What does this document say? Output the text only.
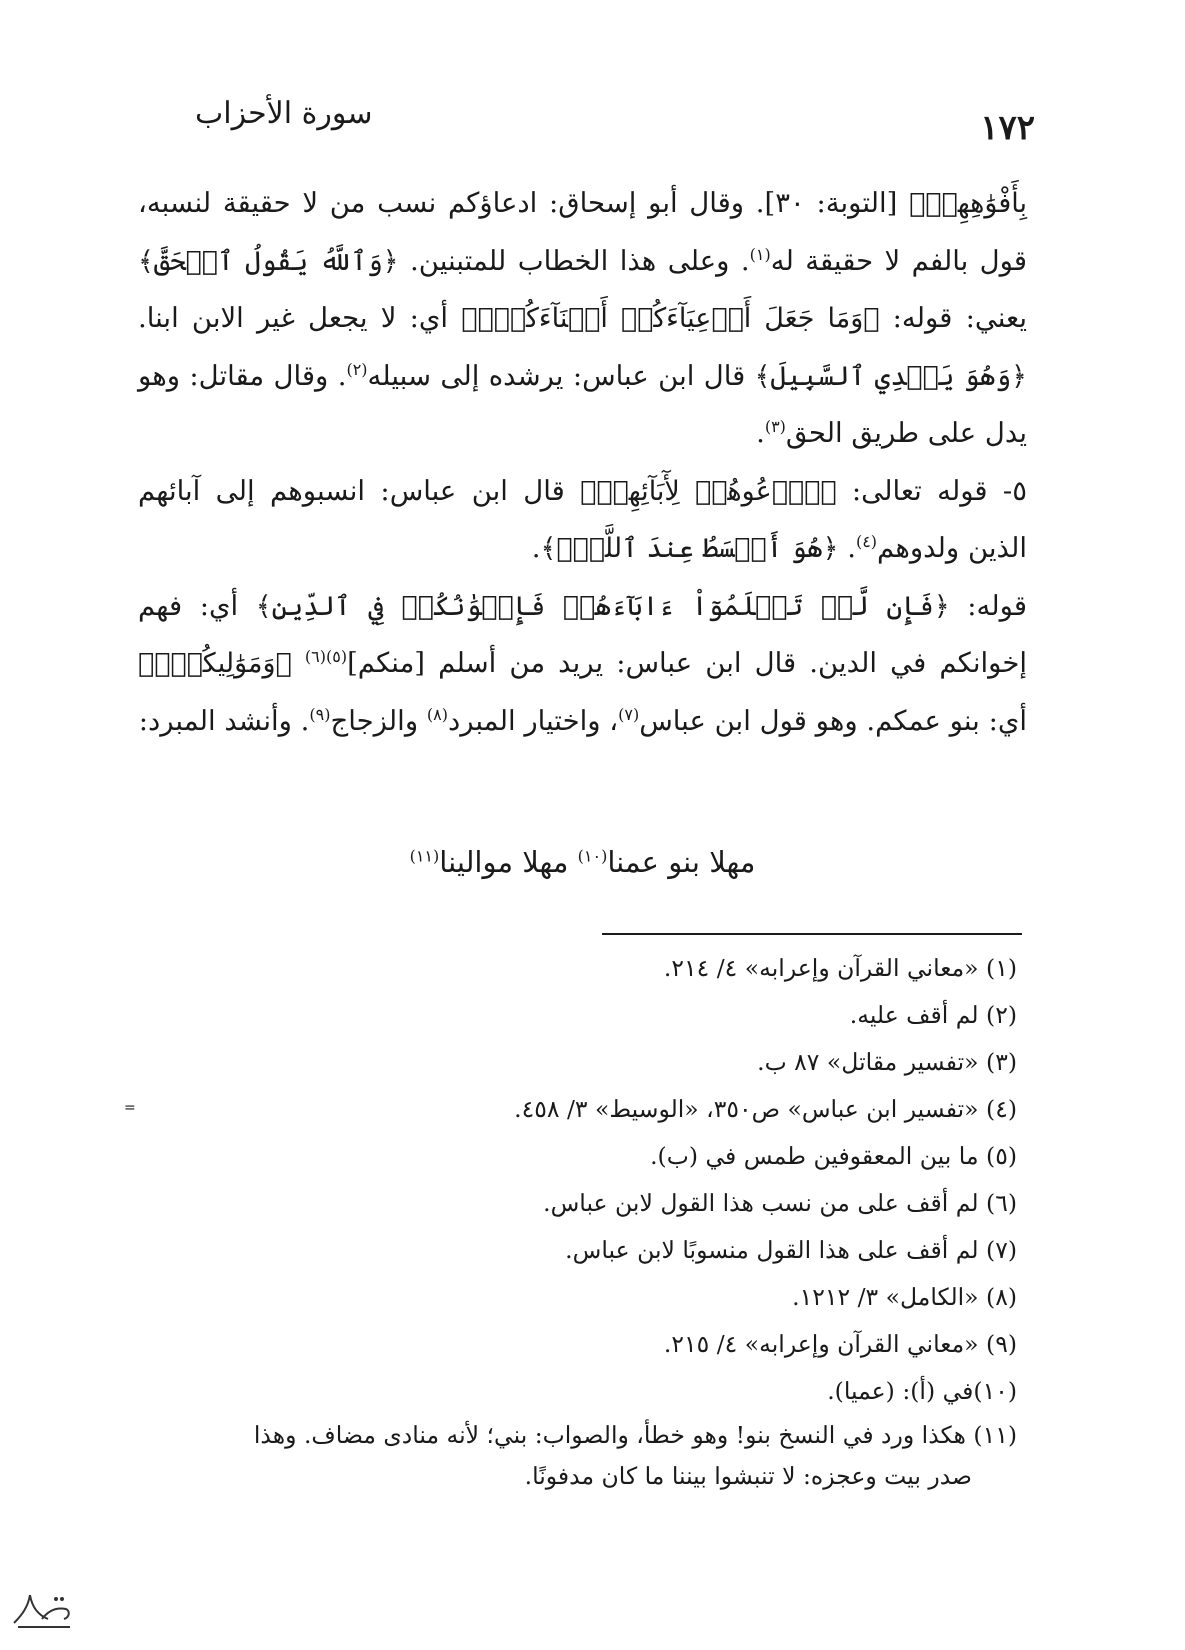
١٧٢
سورة الأحزاب

بِأَفْوَٰهِهِمۡۖ [التوبة: ٣٠]. وقال أبو إسحاق: ادعاؤكم نسب من لا حقيقة لنسبه، قول بالفم لا حقيقة له$^{(١)}$. وعلى هذا الخطاب للمتبنين. ﴿وَٱللَّهُ يَقُولُ ٱلۡحَقَّ﴾ يعني: قوله: ﴿وَمَا جَعَلَ أَدۡعِيَآءَكُمۡ أَبۡنَآءَكُمۡۚ﴾ أي: لا يجعل غير الابن ابنا. ﴿وَهُوَ يَهۡدِي ٱلسَّبِيلَ﴾ قال ابن عباس: يرشده إلى سبيله$^{(٢)}$. وقال مقاتل: وهو يدل على طريق الحق$^{(٣)}$.

٥- قوله تعالى: ﴿ٱدۡعُوهُمۡ لِأٓبَآئِهِمۡ﴾ قال ابن عباس: انسبوهم إلى آبائهم الذين ولدوهم$^{(٤)}$. ﴿هُوَ أَقۡسَطُ عِندَ ٱللَّهِۚ﴾.

قوله: ﴿فَإِن لَّمۡ تَعۡلَمُوٓاْ ءَابَآءَهُمۡ فَإِخۡوَٰنُكُمۡ فِي ٱلدِّينِ﴾ أي: فهم إخوانكم في الدين. قال ابن عباس: يريد من أسلم [منكم]$^{(٥)(٦)}$ ﴿وَمَوَٰلِيكُمۡۚ﴾ أي: بنو عمكم. وهو قول ابن عباس$^{(٧)}$، واختيار المبرد$^{(٨)}$ والزجاج$^{(٩)}$. وأنشد المبرد:

مهلا بنو عمنا$^{(١٠)}$ مهلا موالينا$^{(١١)}$
(١) «معاني القرآن وإعرابه» ٤/ ٢١٤.
(٢) لم أقف عليه.
(٣) «تفسير مقاتل» ٨٧ ب.
(٤) «تفسير ابن عباس» ص٣٥٠، «الوسيط» ٣/ ٤٥٨.
(٥) ما بين المعقوفين طمس في (ب).
(٦) لم أقف على من نسب هذا القول لابن عباس.
(٧) لم أقف على هذا القول منسوبًا لابن عباس.
(٨) «الكامل» ٣/ ١٢١٢.
(٩) «معاني القرآن وإعرابه» ٤/ ٢١٥.
(١٠)في (أ): (عميا).
(١١) هكذا ورد في النسخ بنو! وهو خطأ، والصواب: بني؛ لأنه منادى مضاف. وهذا
صدر بيت وعجزه: لا تنبشوا بيننا ما كان مدفونًا.
=
